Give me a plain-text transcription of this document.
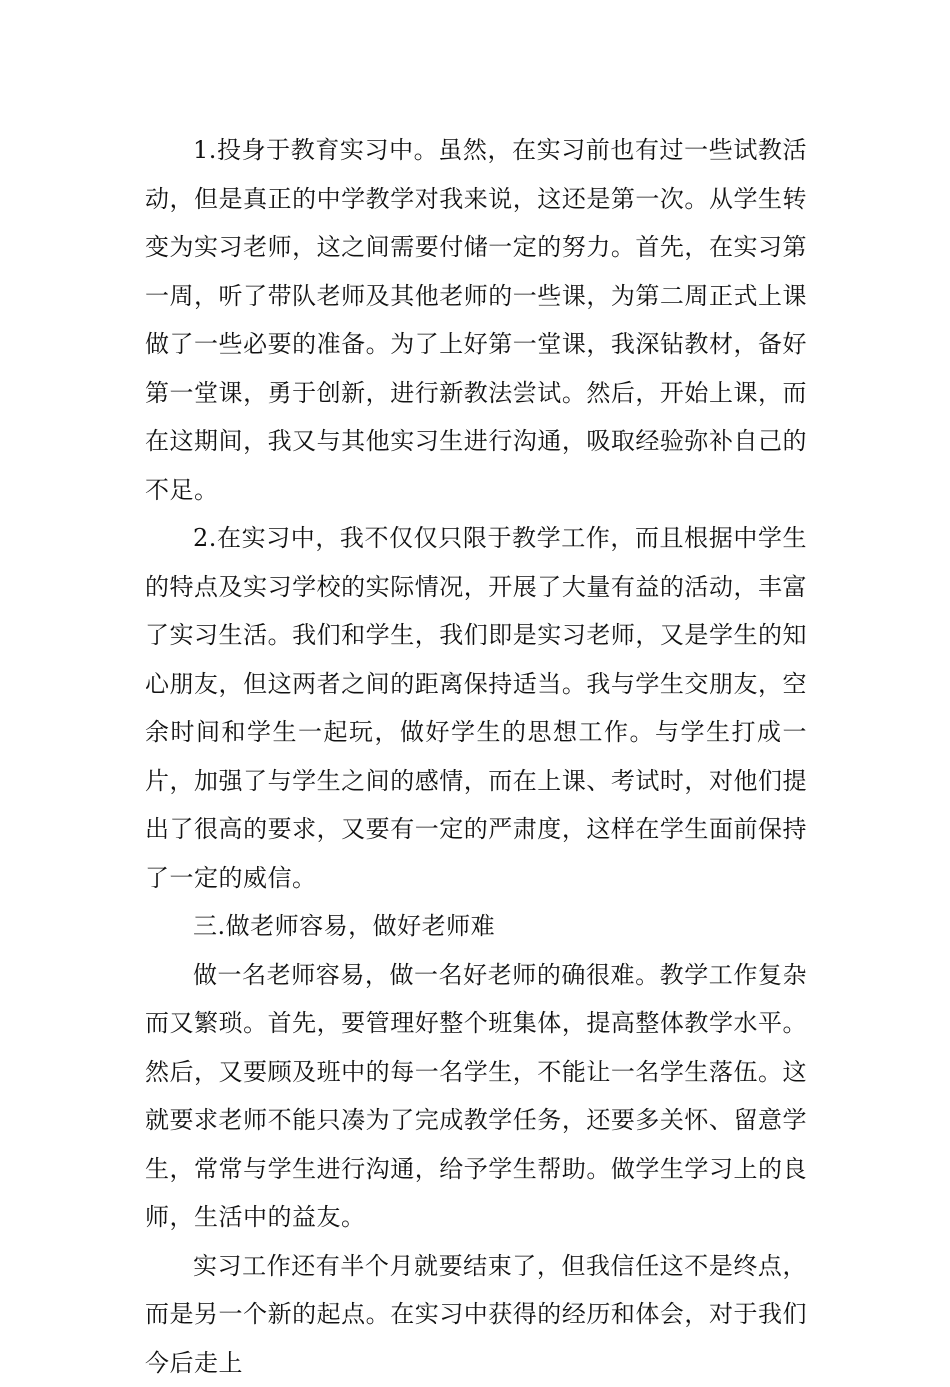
1.投身于教育实习中。虽然，在实习前也有过一些试教活动，但是真正的中学教学对我来说，这还是第一次。从学生转变为实习老师，这之间需要付储一定的努力。首先，在实习第一周，听了带队老师及其他老师的一些课，为第二周正式上课做了一些必要的准备。为了上好第一堂课，我深钻教材，备好第一堂课，勇于创新，进行新教法尝试。然后，开始上课，而在这期间，我又与其他实习生进行沟通，吸取经验弥补自己的不足。

2.在实习中，我不仅仅只限于教学工作，而且根据中学生的特点及实习学校的实际情况，开展了大量有益的活动，丰富了实习生活。我们和学生，我们即是实习老师，又是学生的知心朋友，但这两者之间的距离保持适当。我与学生交朋友，空余时间和学生一起玩，做好学生的思想工作。与学生打成一片，加强了与学生之间的感情，而在上课、考试时，对他们提出了很高的要求，又要有一定的严肃度，这样在学生面前保持了一定的威信。

三.做老师容易，做好老师难

做一名老师容易，做一名好老师的确很难。教学工作复杂而又繁琐。首先，要管理好整个班集体，提高整体教学水平。然后，又要顾及班中的每一名学生，不能让一名学生落伍。这就要求老师不能只凑为了完成教学任务，还要多关怀、留意学生，常常与学生进行沟通，给予学生帮助。做学生学习上的良师，生活中的益友。

实习工作还有半个月就要结束了，但我信任这不是终点，而是另一个新的起点。在实习中获得的经历和体会，对于我们今后走上
